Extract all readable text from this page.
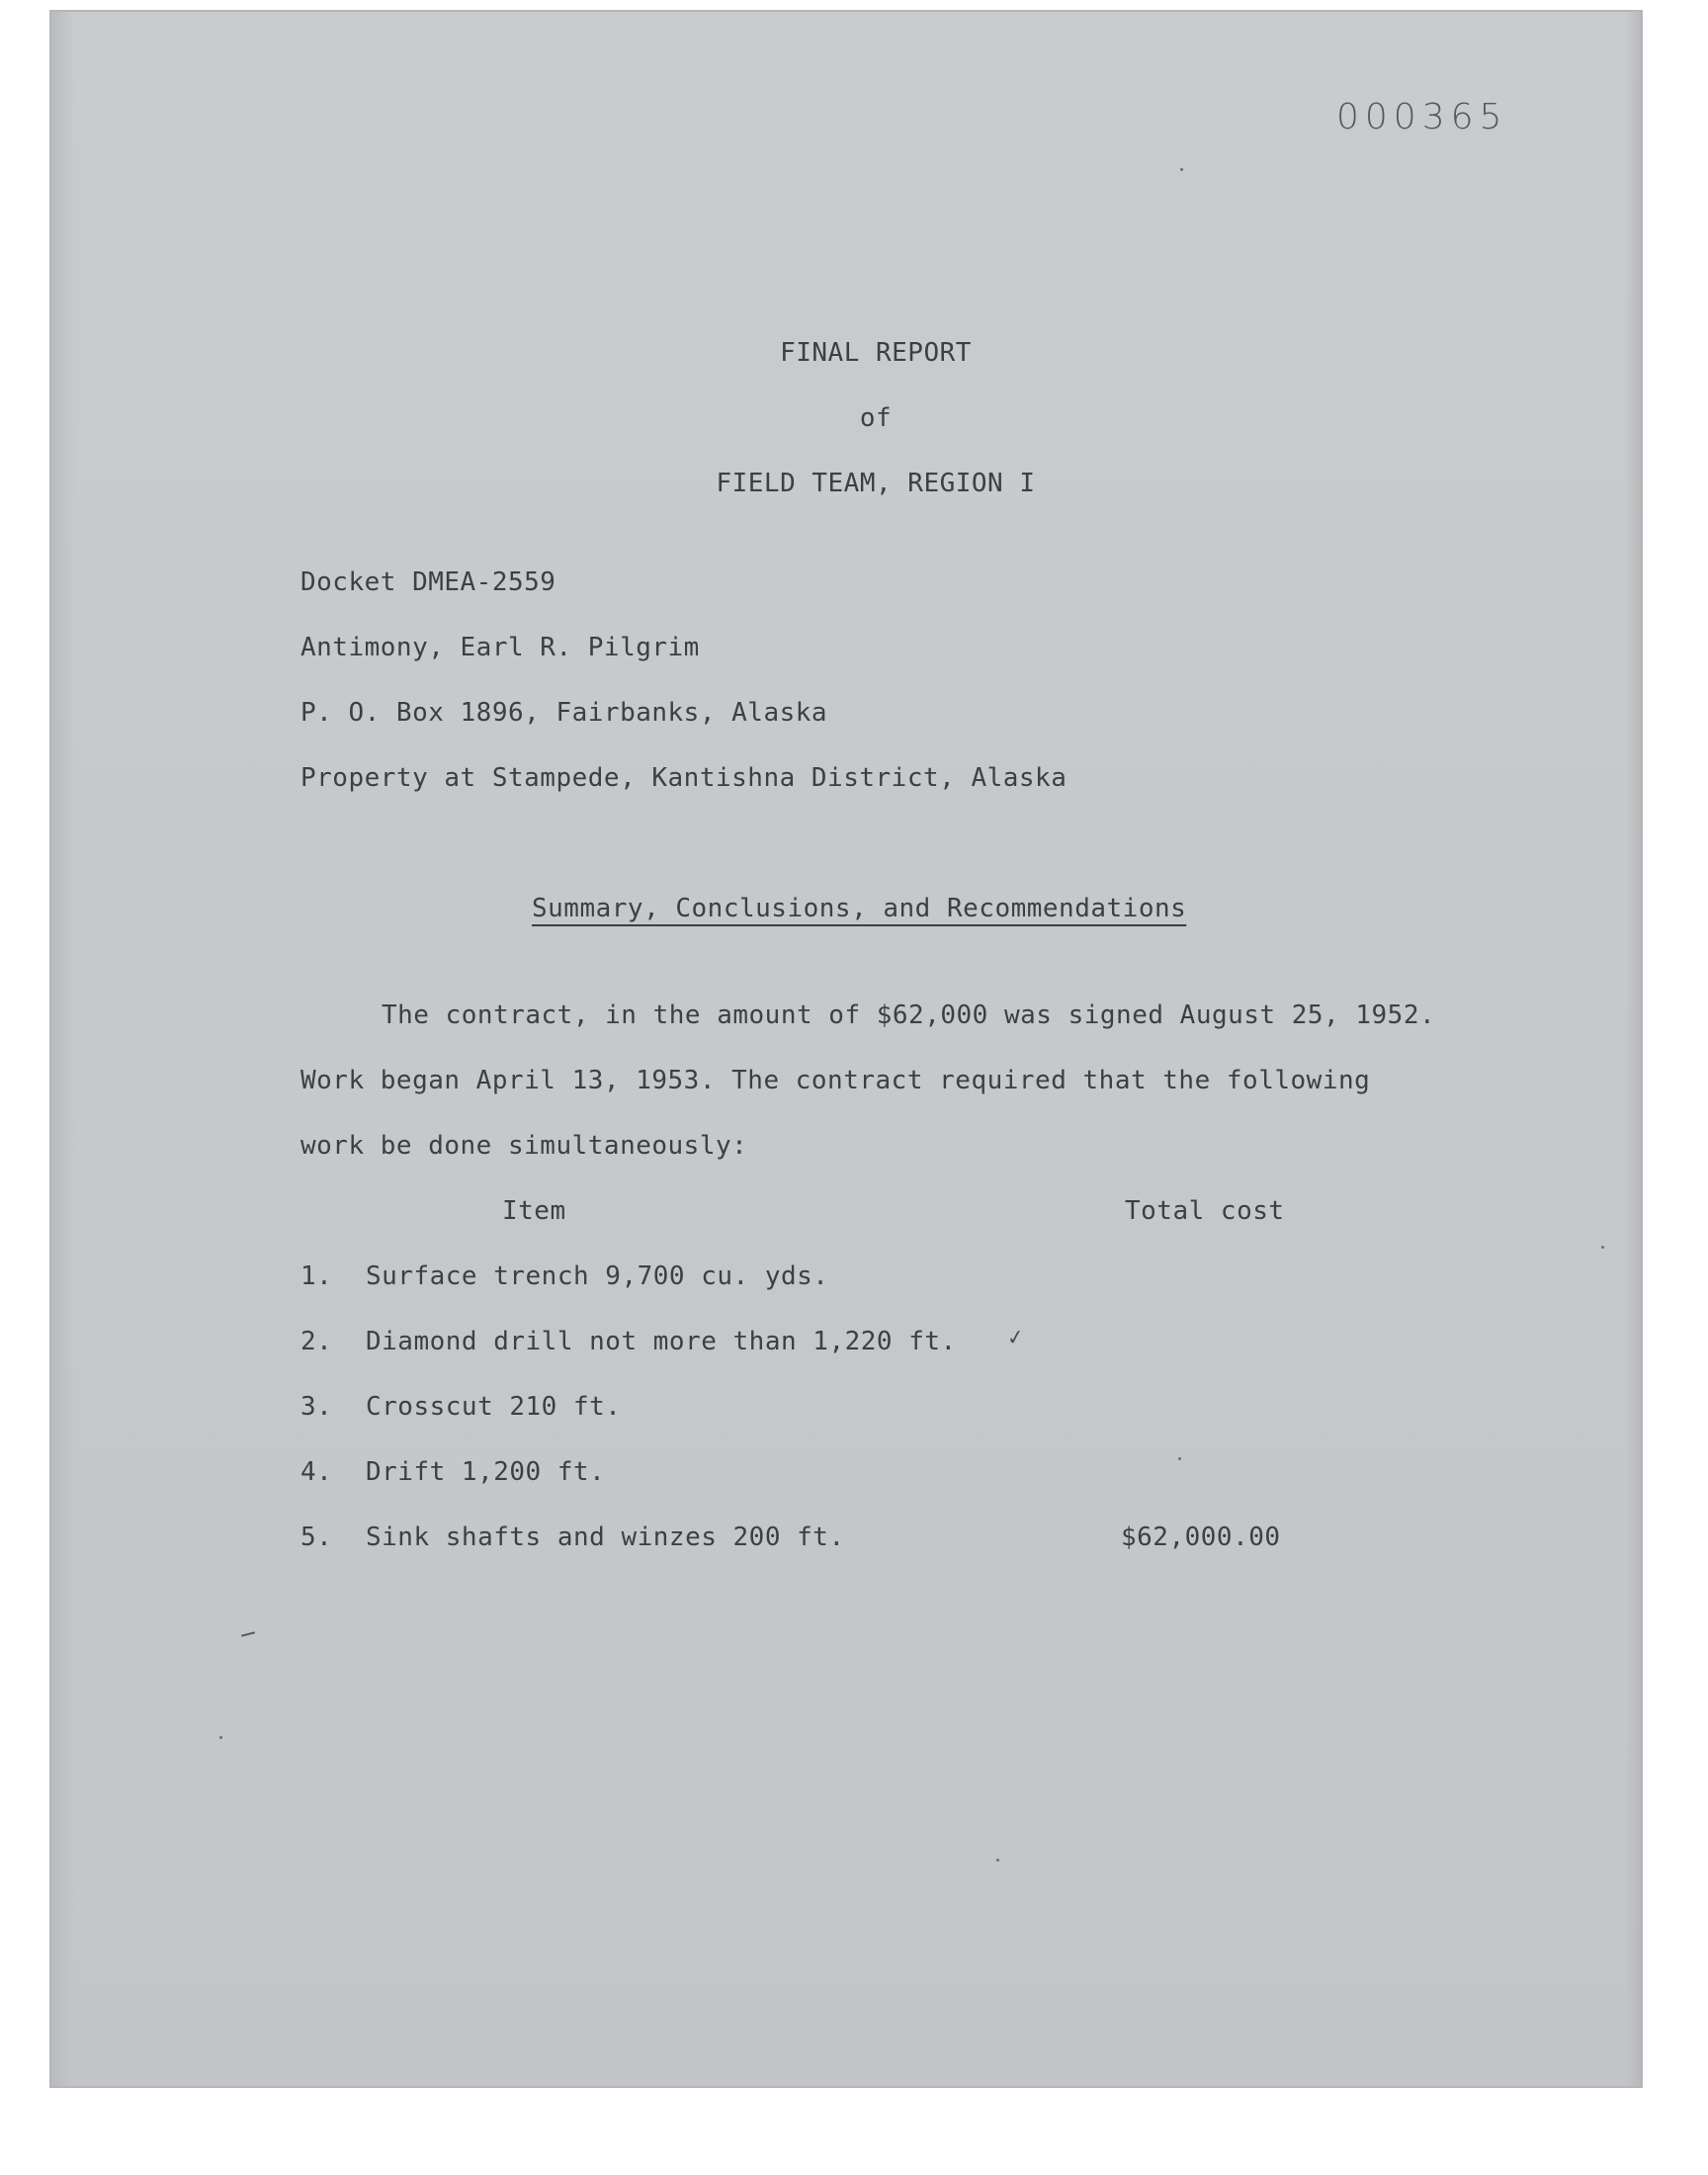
000365
FINAL REPORT
of
FIELD TEAM, REGION I
Docket DMEA-2559
Antimony, Earl R. Pilgrim
P. O. Box 1896, Fairbanks, Alaska
Property at Stampede, Kantishna District, Alaska
Summary, Conclusions, and Recommendations
The contract, in the amount of $62,000 was signed August 25, 1952.
Work began April 13, 1953. The contract required that the following
work be done simultaneously:
Item	Total cost
1. Surface trench 9,700 cu. yds.
2. Diamond drill not more than 1,220 ft. ✓
3. Crosscut 210 ft.
4. Drift 1,200 ft.
5. Sink shafts and winzes 200 ft.	$62,000.00
